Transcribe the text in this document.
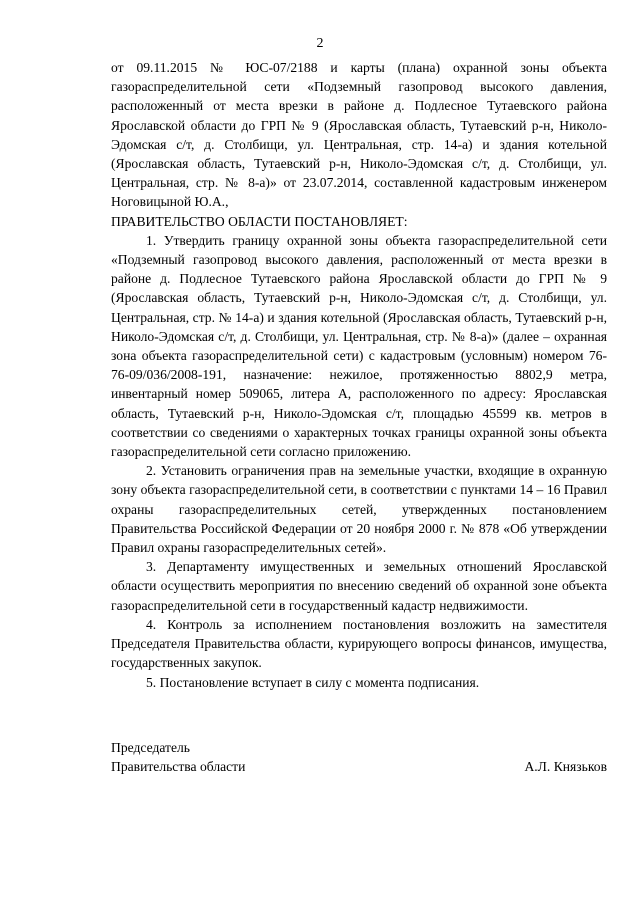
2

от 09.11.2015 № ЮС-07/2188 и карты (плана) охранной зоны объекта газораспределительной сети «Подземный газопровод высокого давления, расположенный от места врезки в районе д. Подлесное Тутаевского района Ярославской области до ГРП № 9 (Ярославская область, Тутаевский р-н, Николо-Эдомская с/т, д. Столбищи, ул. Центральная, стр. 14-а) и здания котельной (Ярославская область, Тутаевский р-н, Николо-Эдомская с/т, д. Столбищи, ул. Центральная, стр. № 8-а)» от 23.07.2014, составленной кадастровым инженером Ноговицыной Ю.А.,

ПРАВИТЕЛЬСТВО ОБЛАСТИ ПОСТАНОВЛЯЕТ:

1. Утвердить границу охранной зоны объекта газораспределительной сети «Подземный газопровод высокого давления, расположенный от места врезки в районе д. Подлесное Тутаевского района Ярославской области до ГРП № 9 (Ярославская область, Тутаевский р-н, Николо-Эдомская с/т, д. Столбищи, ул. Центральная, стр. № 14-а) и здания котельной (Ярославская область, Тутаевский р-н, Николо-Эдомская с/т, д. Столбищи, ул. Центральная, стр. № 8-а)» (далее – охранная зона объекта газораспределительной сети) с кадастровым (условным) номером 76-76-09/036/2008-191, назначение: нежилое, протяженностью 8802,9 метра, инвентарный номер 509065, литера А, расположенного по адресу: Ярославская область, Тутаевский р-н, Николо-Эдомская с/т, площадью 45599 кв. метров в соответствии со сведениями о характерных точках границы охранной зоны объекта газораспределительной сети согласно приложению.

2. Установить ограничения прав на земельные участки, входящие в охранную зону объекта газораспределительной сети, в соответствии с пунктами 14 – 16 Правил охраны газораспределительных сетей, утвержденных постановлением Правительства Российской Федерации от 20 ноября 2000 г. № 878 «Об утверждении Правил охраны газораспределительных сетей».

3. Департаменту имущественных и земельных отношений Ярославской области осуществить мероприятия по внесению сведений об охранной зоне объекта газораспределительной сети в государственный кадастр недвижимости.

4. Контроль за исполнением постановления возложить на заместителя Председателя Правительства области, курирующего вопросы финансов, имущества, государственных закупок.

5. Постановление вступает в силу с момента подписания.

Председатель
Правительства области	А.Л. Князьков
